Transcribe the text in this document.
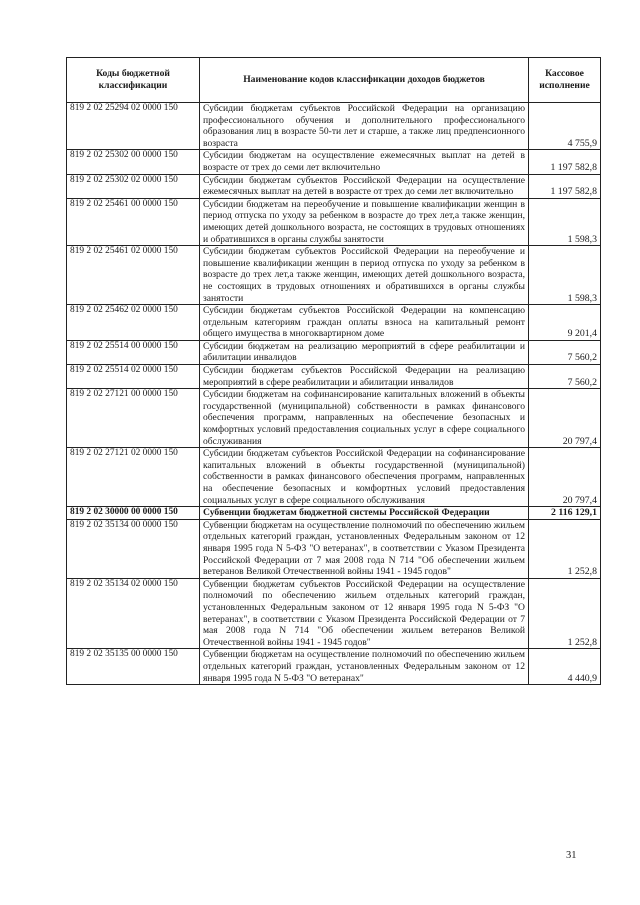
Коды бюджетной классификации	Наименование кодов классификации доходов бюджетов	Кассовое исполнение
819 2 02 25294 02 0000 150	Субсидии бюджетам субъектов Российской Федерации на организацию профессионального обучения и дополнительного профессионального образования лиц в возрасте 50-ти лет и старше, а также лиц предпенсионного возраста	4 755,9
819 2 02 25302 00 0000 150	Субсидии бюджетам на осуществление ежемесячных выплат на детей в возрасте от трех до семи лет включительно	1 197 582,8
819 2 02 25302 02 0000 150	Субсидии бюджетам субъектов Российской Федерации на осуществление ежемесячных выплат на детей в возрасте от трех до семи лет включительно	1 197 582,8
819 2 02 25461 00 0000 150	Субсидии бюджетам на переобучение и повышение квалификации женщин в период отпуска по уходу за ребенком в возрасте до трех лет,а также женщин, имеющих детей дошкольного возраста, не состоящих в трудовых отношениях и обратившихся в органы службы занятости	1 598,3
819 2 02 25461 02 0000 150	Субсидии бюджетам субъектов Российской Федерации на переобучение и повышение квалификации женщин в период отпуска по уходу за ребенком в возрасте до трех лет,а также женщин, имеющих детей дошкольного возраста, не состоящих в трудовых отношениях и обратившихся в органы службы занятости	1 598,3
819 2 02 25462 02 0000 150	Субсидии бюджетам субъектов Российской Федерации на компенсацию отдельным категориям граждан оплаты взноса на капитальный ремонт общего имущества в многоквартирном доме	9 201,4
819 2 02 25514 00 0000 150	Субсидии бюджетам на реализацию мероприятий в сфере реабилитации и абилитации инвалидов	7 560,2
819 2 02 25514 02 0000 150	Субсидии бюджетам субъектов Российской Федерации на реализацию мероприятий в сфере реабилитации и абилитации инвалидов	7 560,2
819 2 02 27121 00 0000 150	Субсидии бюджетам на софинансирование капитальных вложений в объекты государственной (муниципальной) собственности в рамках финансового обеспечения программ, направленных на обеспечение безопасных и комфортных условий предоставления социальных услуг в сфере социального обслуживания	20 797,4
819 2 02 27121 02 0000 150	Субсидии бюджетам субъектов Российской Федерации на софинансирование капитальных вложений в объекты государственной (муниципальной) собственности в рамках финансового обеспечения программ, направленных на обеспечение безопасных и комфортных условий предоставления социальных услуг в сфере социального обслуживания	20 797,4
819 2 02 30000 00 0000 150	Субвенции бюджетам бюджетной системы Российской Федерации	2 116 129,1
819 2 02 35134 00 0000 150	Субвенции бюджетам на осуществление полномочий по обеспечению жильем отдельных категорий граждан, установленных Федеральным законом от 12 января 1995 года N 5-ФЗ "О ветеранах", в соответствии с Указом Президента Российской Федерации от 7 мая 2008 года N 714 "Об обеспечении жильем ветеранов Великой Отечественной войны 1941 - 1945 годов"	1 252,8
819 2 02 35134 02 0000 150	Субвенции бюджетам субъектов Российской Федерации на осуществление полномочий по обеспечению жильем отдельных категорий граждан, установленных Федеральным законом от 12 января 1995 года N 5-ФЗ "О ветеранах", в соответствии с Указом Президента Российской Федерации от 7 мая 2008 года N 714 "Об обеспечении жильем ветеранов Великой Отечественной войны 1941 - 1945 годов"	1 252,8
819 2 02 35135 00 0000 150	Субвенции бюджетам на осуществление полномочий по обеспечению жильем отдельных категорий граждан, установленных Федеральным законом от 12 января 1995 года N 5-ФЗ "О ветеранах"	4 440,9
31
